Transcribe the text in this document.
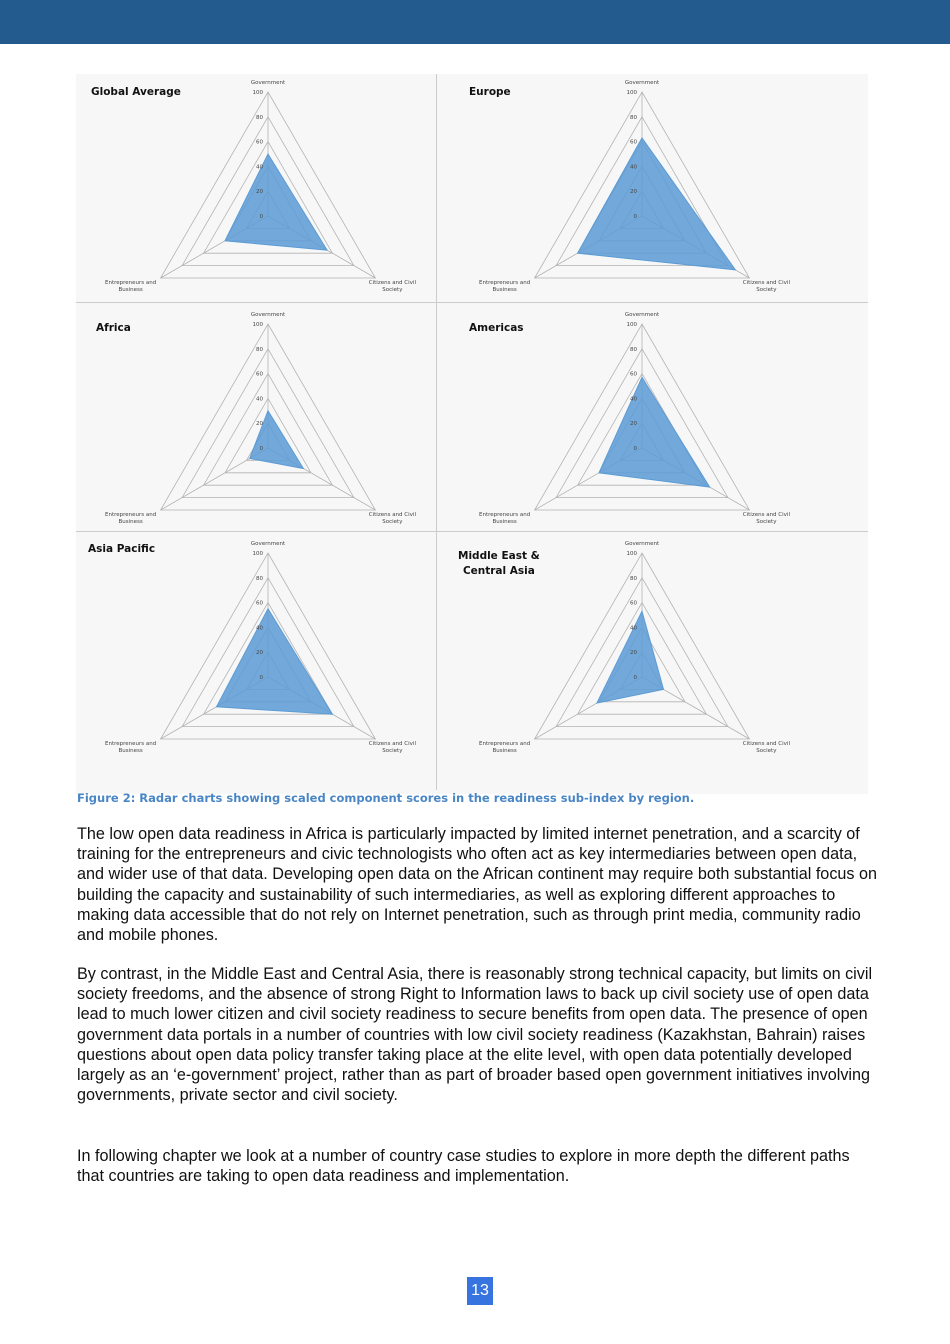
0
20
40
60
80
100
Government
Citizens and Civil
Society
Entrepreneurs and
Business
Global Average
0
20
40
60
80
100
Government
Citizens and Civil
Society
Entrepreneurs and
Business
Europe
0
20
40
60
80
100
Government
Citizens and Civil
Society
Entrepreneurs and
Business
Africa
0
20
40
60
80
100
Government
Citizens and Civil
Society
Entrepreneurs and
Business
Americas
0
20
40
60
80
100
Government
Citizens and Civil
Society
Entrepreneurs and
Business
Asia Pacific
0
20
40
60
80
100
Government
Citizens and Civil
Society
Entrepreneurs and
Business
Middle East &
Central Asia
Figure 2: Radar charts showing scaled component scores in the readiness sub-index by region.

The low open data readiness in Africa is particularly impacted by limited internet penetration, and a scarcity of training for the entrepreneurs and civic technologists who often act as key intermediaries between open data, and wider use of that data. Developing open data on the African continent may require both substantial focus on building the capacity and sustainability of such intermediaries, as well as exploring different approaches to making data accessible that do not rely on Internet penetration, such as through print media, community radio and mobile phones.

By contrast, in the Middle East and Central Asia, there is reasonably strong technical capacity, but limits on civil society freedoms, and the absence of strong Right to Information laws to back up civil society use of open data lead to much lower citizen and civil society readiness to secure benefits from open data. The presence of open government data portals in a number of countries with low civil society readiness (Kazakhstan, Bahrain) raises questions about open data policy transfer taking place at the elite level, with open data potentially developed largely as an ‘e-government’ project, rather than as part of broader based open government initiatives involving governments, private sector and civil society.

In following chapter we look at a number of country case studies to explore in more depth the different paths that countries are taking to open data readiness and implementation.

13
